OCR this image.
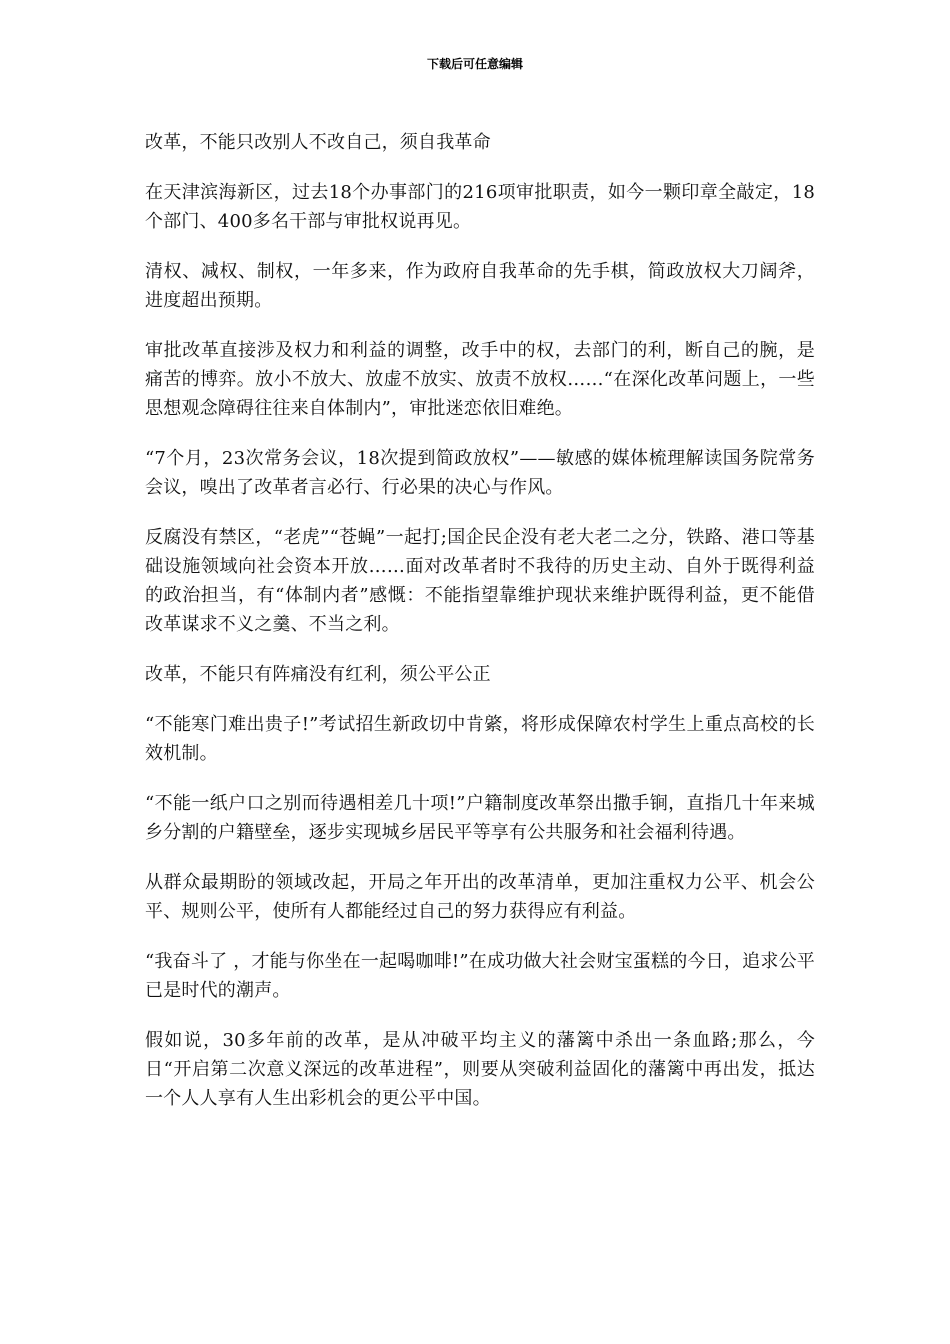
下载后可任意编辑

改革，不能只改别人不改自己，须自我革命

在天津滨海新区，过去18个办事部门的216项审批职责，如今一颗印章全敲定，18个部门、400多名干部与审批权说再见。

清权、减权、制权，一年多来，作为政府自我革命的先手棋，简政放权大刀阔斧，进度超出预期。

审批改革直接涉及权力和利益的调整，改手中的权，去部门的利，断自己的腕，是痛苦的博弈。放小不放大、放虚不放实、放责不放权……“在深化改革问题上，一些思想观念障碍往往来自体制内”，审批迷恋依旧难绝。

“7个月，23次常务会议，18次提到简政放权”——敏感的媒体梳理解读国务院常务会议，嗅出了改革者言必行、行必果的决心与作风。

反腐没有禁区，“老虎”“苍蝇”一起打;国企民企没有老大老二之分，铁路、港口等基础设施领域向社会资本开放……面对改革者时不我待的历史主动、自外于既得利益的政治担当，有“体制内者”感慨：不能指望靠维护现状来维护既得利益，更不能借改革谋求不义之羹、不当之利。

改革，不能只有阵痛没有红利，须公平公正

“不能寒门难出贵子!”考试招生新政切中肯綮，将形成保障农村学生上重点高校的长效机制。

“不能一纸户口之别而待遇相差几十项!”户籍制度改革祭出撒手锏，直指几十年来城乡分割的户籍壁垒，逐步实现城乡居民平等享有公共服务和社会福利待遇。

从群众最期盼的领域改起，开局之年开出的改革清单，更加注重权力公平、机会公平、规则公平，使所有人都能经过自己的努力获得应有利益。

“我奋斗了 ，才能与你坐在一起喝咖啡!”在成功做大社会财宝蛋糕的今日，追求公平已是时代的潮声。

假如说，30多年前的改革，是从冲破平均主义的藩篱中杀出一条血路;那么，今日“开启第二次意义深远的改革进程”，则要从突破利益固化的藩篱中再出发，抵达一个人人享有人生出彩机会的更公平中国。
